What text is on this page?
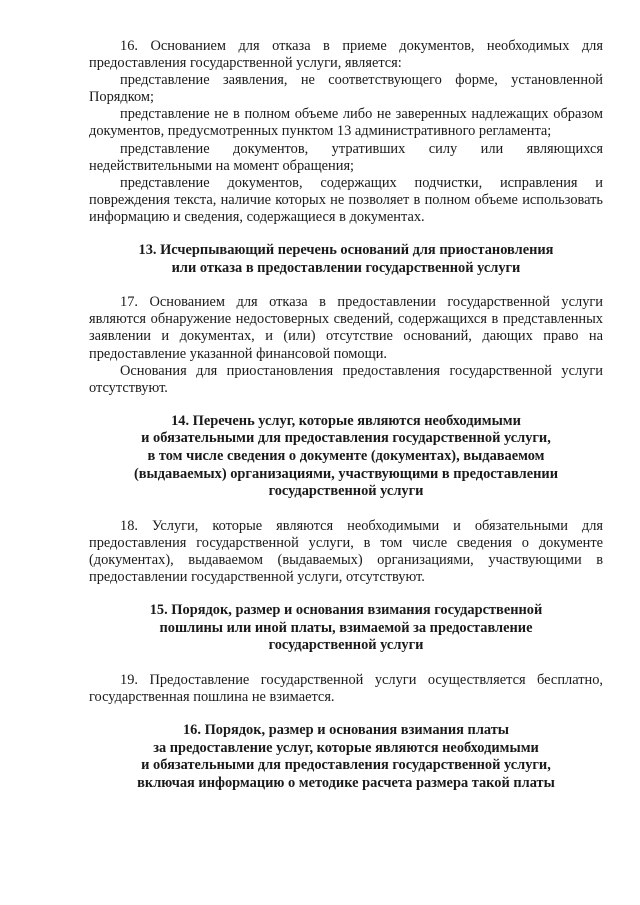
16. Основанием для отказа в приеме документов, необходимых для предоставления государственной услуги, является:

представление заявления, не соответствующего форме, установленной Порядком;

представление не в полном объеме либо не заверенных надлежащих образом документов, предусмотренных пунктом 13 административного регламента;

представление документов, утративших силу или являющихся недействительными на момент обращения;

представление документов, содержащих подчистки, исправления и повреждения текста, наличие которых не позволяет в полном объеме использовать информацию и сведения, содержащиеся в документах.

13. Исчерпывающий перечень оснований для приостановления
или отказа в предоставлении государственной услуги

17. Основанием для отказа в предоставлении государственной услуги являются обнаружение недостоверных сведений, содержащихся в представленных заявлении и документах, и (или) отсутствие оснований, дающих право на предоставление указанной финансовой помощи.

Основания для приостановления предоставления государственной услуги отсутствуют.

14. Перечень услуг, которые являются необходимыми
и обязательными для предоставления государственной услуги,
в том числе сведения о документе (документах), выдаваемом
(выдаваемых) организациями, участвующими в предоставлении
государственной услуги

18. Услуги, которые являются необходимыми и обязательными для предоставления государственной услуги, в том числе сведения о документе (документах), выдаваемом (выдаваемых) организациями, участвующими в предоставлении государственной услуги, отсутствуют.

15. Порядок, размер и основания взимания государственной
пошлины или иной платы, взимаемой за предоставление
государственной услуги

19. Предоставление государственной услуги осуществляется бесплатно, государственная пошлина не взимается.

16. Порядок, размер и основания взимания платы
за предоставление услуг, которые являются необходимыми
и обязательными для предоставления государственной услуги,
включая информацию о методике расчета размера такой платы
